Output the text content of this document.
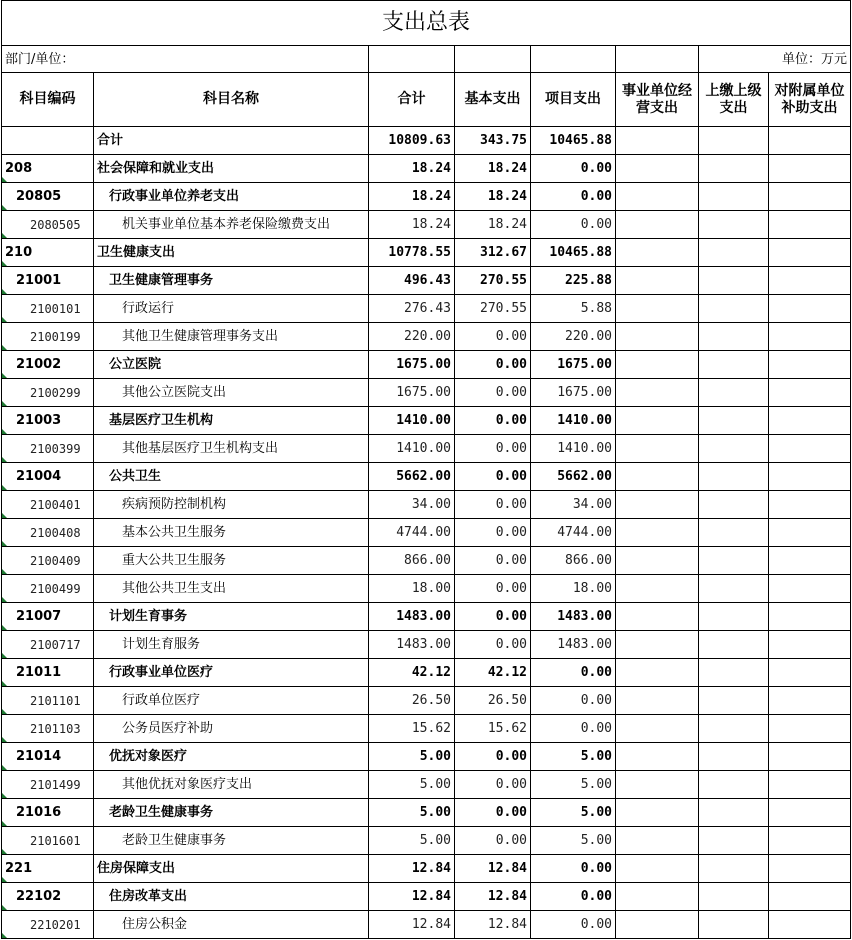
支出总表							
部门/单位：						单位：万元	
科目编码	科目名称	合计	基本支出	项目支出	事业单位经营支出	上缴上级支出	对附属单位补助支出
	合计	10809.63	343.75	10465.88			
208	社会保障和就业支出	18.24	18.24	0.00			
20805	行政事业单位养老支出	18.24	18.24	0.00			
2080505	机关事业单位基本养老保险缴费支出	18.24	18.24	0.00			
210	卫生健康支出	10778.55	312.67	10465.88			
21001	卫生健康管理事务	496.43	270.55	225.88			
2100101	行政运行	276.43	270.55	5.88			
2100199	其他卫生健康管理事务支出	220.00	0.00	220.00			
21002	公立医院	1675.00	0.00	1675.00			
2100299	其他公立医院支出	1675.00	0.00	1675.00			
21003	基层医疗卫生机构	1410.00	0.00	1410.00			
2100399	其他基层医疗卫生机构支出	1410.00	0.00	1410.00			
21004	公共卫生	5662.00	0.00	5662.00			
2100401	疾病预防控制机构	34.00	0.00	34.00			
2100408	基本公共卫生服务	4744.00	0.00	4744.00			
2100409	重大公共卫生服务	866.00	0.00	866.00			
2100499	其他公共卫生支出	18.00	0.00	18.00			
21007	计划生育事务	1483.00	0.00	1483.00			
2100717	计划生育服务	1483.00	0.00	1483.00			
21011	行政事业单位医疗	42.12	42.12	0.00			
2101101	行政单位医疗	26.50	26.50	0.00			
2101103	公务员医疗补助	15.62	15.62	0.00			
21014	优抚对象医疗	5.00	0.00	5.00			
2101499	其他优抚对象医疗支出	5.00	0.00	5.00			
21016	老龄卫生健康事务	5.00	0.00	5.00			
2101601	老龄卫生健康事务	5.00	0.00	5.00			
221	住房保障支出	12.84	12.84	0.00			
22102	住房改革支出	12.84	12.84	0.00			
2210201	住房公积金	12.84	12.84	0.00			
